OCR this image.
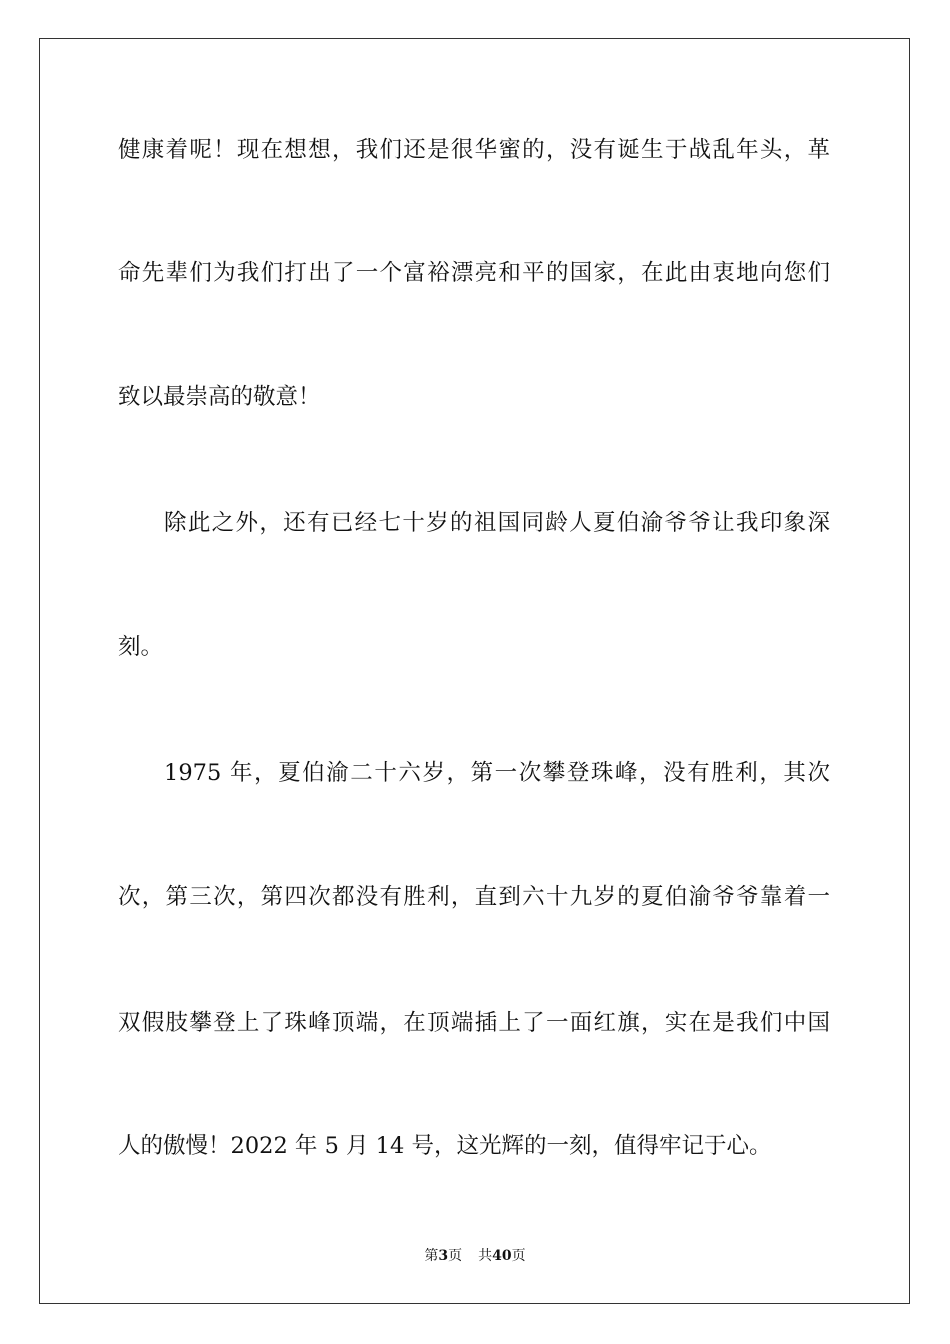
健康着呢！现在想想，我们还是很华蜜的，没有诞生于战乱年头，革
命先辈们为我们打出了一个富裕漂亮和平的国家，在此由衷地向您们
致以最崇高的敬意！
除此之外，还有已经七十岁的祖国同龄人夏伯渝爷爷让我印象深
刻。
1975 年，夏伯渝二十六岁，第一次攀登珠峰，没有胜利，其次
次，第三次，第四次都没有胜利，直到六十九岁的夏伯渝爷爷靠着一
双假肢攀登上了珠峰顶端，在顶端插上了一面红旗，实在是我们中国
人的傲慢！2022 年 5 月 14 号，这光辉的一刻，值得牢记于心。
第3页 共40页
